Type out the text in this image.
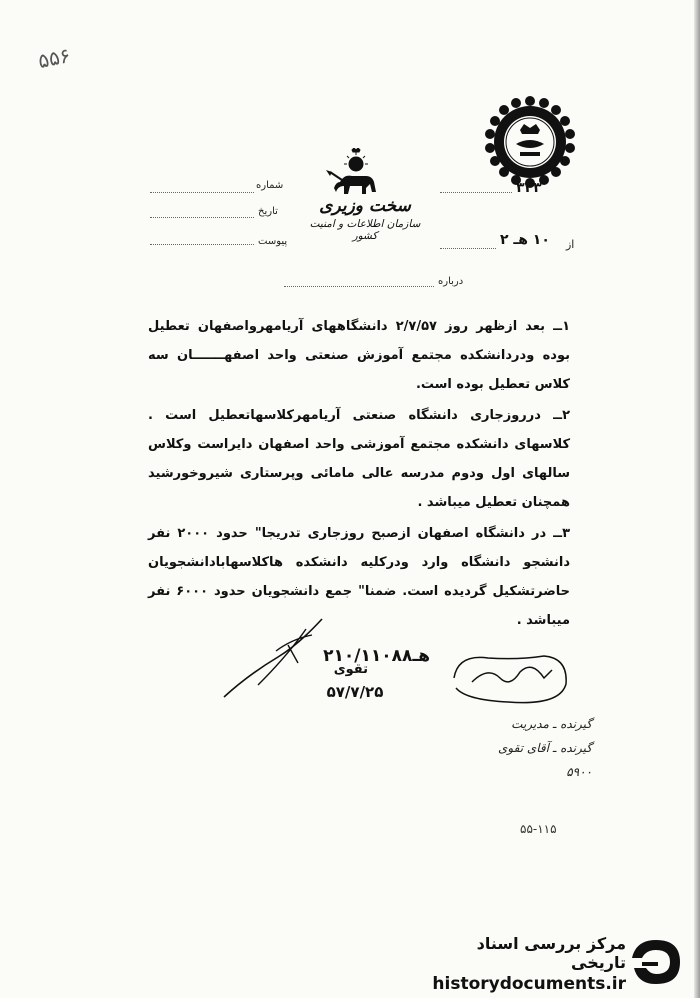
۵۵۶
سخت وزیری
سازمان اطلاعات و امنیت کشور
شماره
تاریخ
پیوست
۳۲۳
۱۰ هـ ۲ از
درباره

۱ــ بعد ازظهر روز ۲/۷/۵۷ دانشگاههای آریامهرواصفهان تعطیل بوده ودردانشکده مجتمع آموزش صنعتی واحد اصفهـــــــان سه کلاس تعطیل بوده است.

۲ــ درروزجاری دانشگاه صنعتی آریامهرکلاسهاتعطیل است . کلاسهای دانشکده مجتمع آموزشی واحد اصفهان دایراست وکلاس سالهای اول ودوم مدرسه عالی مامائی وپرستاری شیروخورشید همچنان تعطیل میباشد .

۳ــ در دانشگاه اصفهان ازصبح روزجاری تدریجا" حدود ۲۰۰۰ نفر دانشجو دانشگاه وارد ودرکلیه دانشکده هاکلاسهابادانشجویان حاضرتشکیل گردیده است. ضمنا" جمع دانشجویان حدود ۶۰۰۰ نفر میباشد .

۲هـ۱۰/۱۱۰۸۸
تقوی
۵۷/۷/۲۵
گیرنده ـ مدیریت
گیرنده ـ آقای تقوی
۵۹۰۰
۵۵-۱۱۵
مرکز بررسی اسناد تاریخی
historydocuments.ir
